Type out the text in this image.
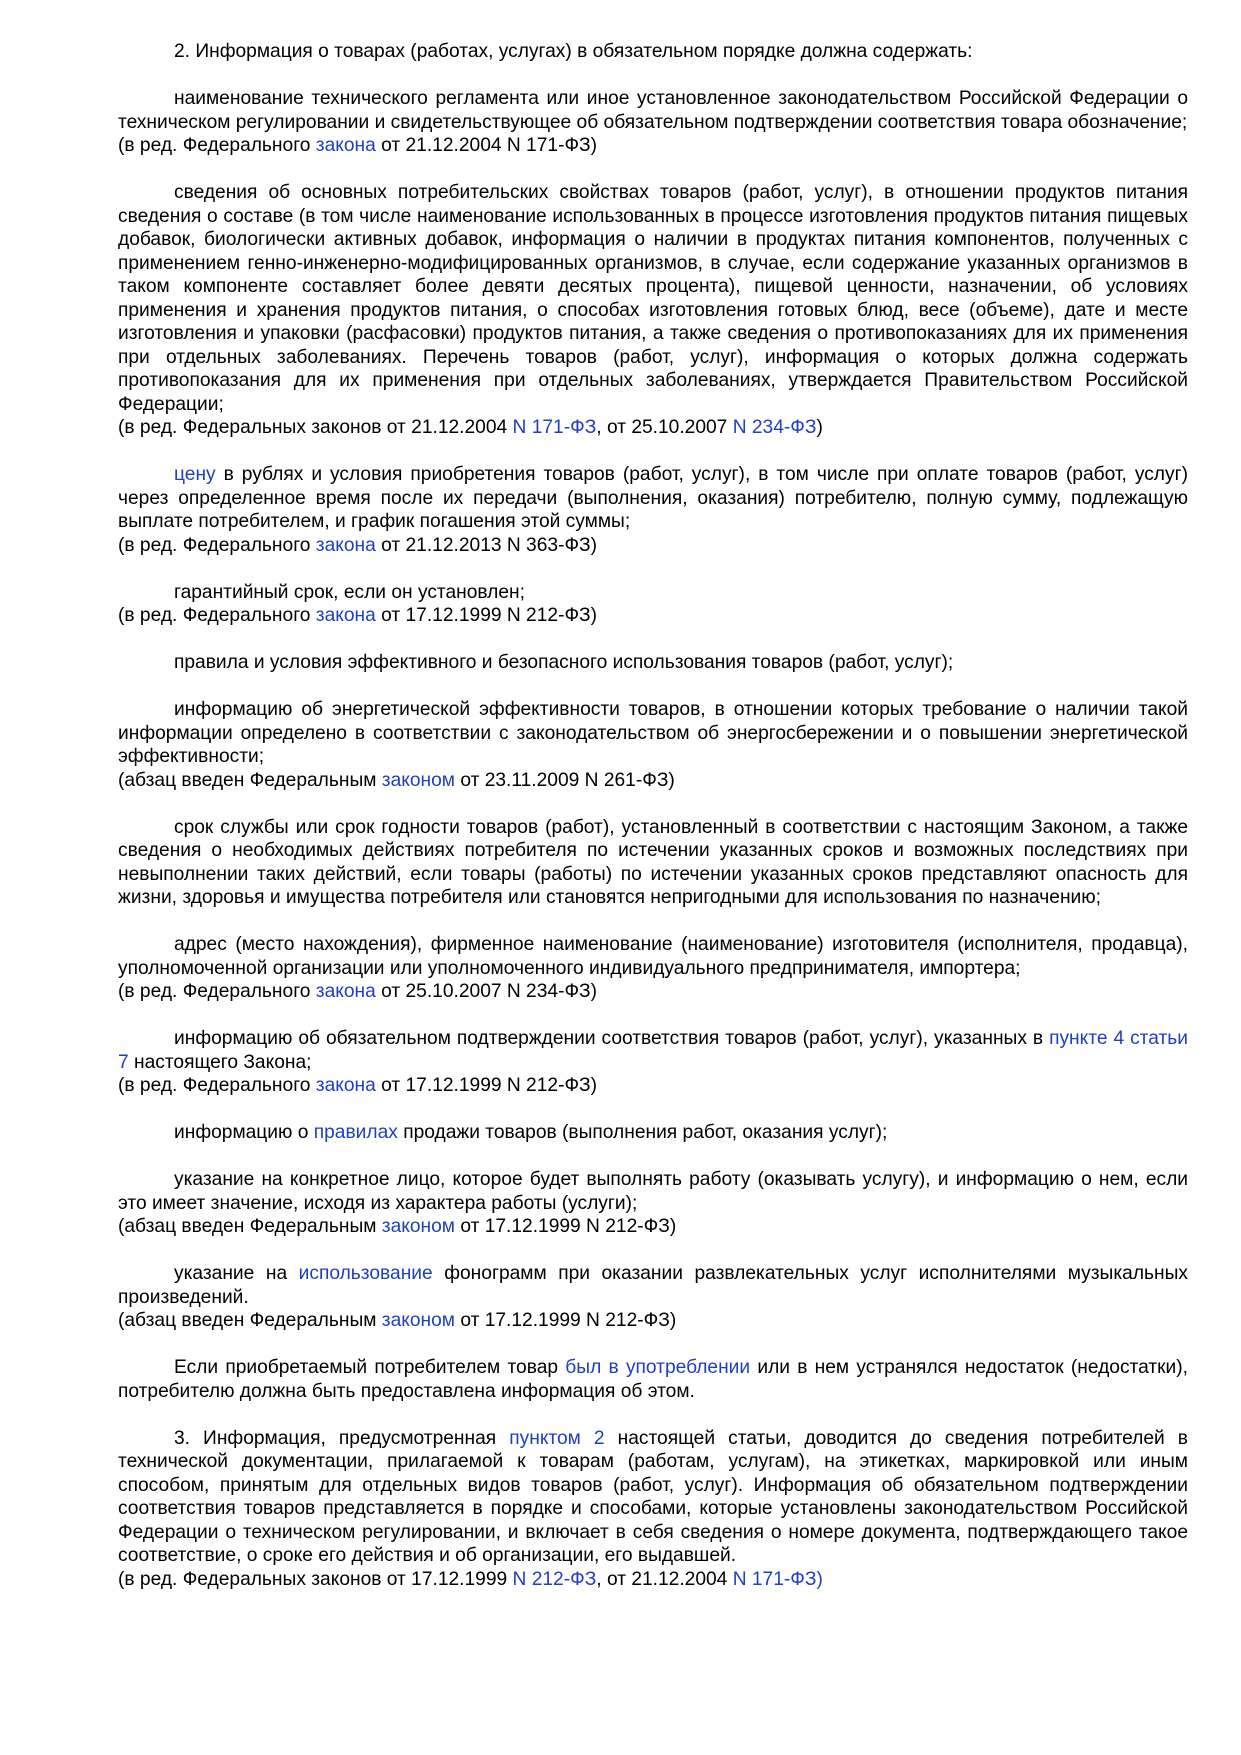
2. Информация о товарах (работах, услугах) в обязательном порядке должна содержать:

наименование технического регламента или иное установленное законодательством Российской Федерации о техническом регулировании и свидетельствующее об обязательном подтверждении соответствия товара обозначение;

(в ред. Федерального закона от 21.12.2004 N 171-ФЗ)

сведения об основных потребительских свойствах товаров (работ, услуг), в отношении продуктов питания сведения о составе (в том числе наименование использованных в процессе изготовления продуктов питания пищевых добавок, биологически активных добавок, информация о наличии в продуктах питания компонентов, полученных с применением генно-инженерно-модифицированных организмов, в случае, если содержание указанных организмов в таком компоненте составляет более девяти десятых процента), пищевой ценности, назначении, об условиях применения и хранения продуктов питания, о способах изготовления готовых блюд, весе (объеме), дате и месте изготовления и упаковки (расфасовки) продуктов питания, а также сведения о противопоказаниях для их применения при отдельных заболеваниях. Перечень товаров (работ, услуг), информация о которых должна содержать противопоказания для их применения при отдельных заболеваниях, утверждается Правительством Российской Федерации;

(в ред. Федеральных законов от 21.12.2004 N 171-ФЗ, от 25.10.2007 N 234-ФЗ)

цену в рублях и условия приобретения товаров (работ, услуг), в том числе при оплате товаров (работ, услуг) через определенное время после их передачи (выполнения, оказания) потребителю, полную сумму, подлежащую выплате потребителем, и график погашения этой суммы;

(в ред. Федерального закона от 21.12.2013 N 363-ФЗ)

гарантийный срок, если он установлен;

(в ред. Федерального закона от 17.12.1999 N 212-ФЗ)

правила и условия эффективного и безопасного использования товаров (работ, услуг);

информацию об энергетической эффективности товаров, в отношении которых требование о наличии такой информации определено в соответствии с законодательством об энергосбережении и о повышении энергетической эффективности;

(абзац введен Федеральным законом от 23.11.2009 N 261-ФЗ)

срок службы или срок годности товаров (работ), установленный в соответствии с настоящим Законом, а также сведения о необходимых действиях потребителя по истечении указанных сроков и возможных последствиях при невыполнении таких действий, если товары (работы) по истечении указанных сроков представляют опасность для жизни, здоровья и имущества потребителя или становятся непригодными для использования по назначению;

адрес (место нахождения), фирменное наименование (наименование) изготовителя (исполнителя, продавца), уполномоченной организации или уполномоченного индивидуального предпринимателя, импортера;

(в ред. Федерального закона от 25.10.2007 N 234-ФЗ)

информацию об обязательном подтверждении соответствия товаров (работ, услуг), указанных в пункте 4 статьи 7 настоящего Закона;

(в ред. Федерального закона от 17.12.1999 N 212-ФЗ)

информацию о правилах продажи товаров (выполнения работ, оказания услуг);

указание на конкретное лицо, которое будет выполнять работу (оказывать услугу), и информацию о нем, если это имеет значение, исходя из характера работы (услуги);

(абзац введен Федеральным законом от 17.12.1999 N 212-ФЗ)

указание на использование фонограмм при оказании развлекательных услуг исполнителями музыкальных произведений.

(абзац введен Федеральным законом от 17.12.1999 N 212-ФЗ)

Если приобретаемый потребителем товар был в употреблении или в нем устранялся недостаток (недостатки), потребителю должна быть предоставлена информация об этом.

3. Информация, предусмотренная пунктом 2 настоящей статьи, доводится до сведения потребителей в технической документации, прилагаемой к товарам (работам, услугам), на этикетках, маркировкой или иным способом, принятым для отдельных видов товаров (работ, услуг). Информация об обязательном подтверждении соответствия товаров представляется в порядке и способами, которые установлены законодательством Российской Федерации о техническом регулировании, и включает в себя сведения о номере документа, подтверждающего такое соответствие, о сроке его действия и об организации, его выдавшей.

(в ред. Федеральных законов от 17.12.1999 N 212-ФЗ, от 21.12.2004 N 171-ФЗ)
